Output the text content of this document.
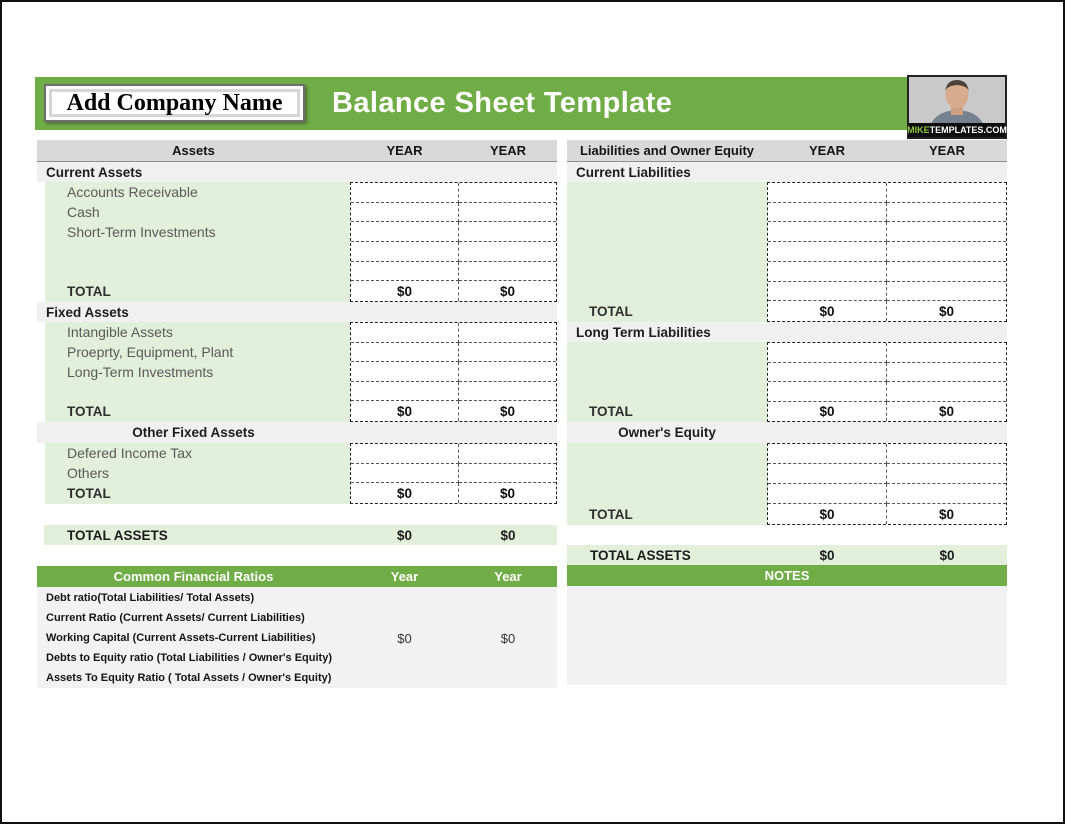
Add Company Name	Balance Sheet Template
MIKE TEMPLATES.COM
Assets	YEAR	YEAR
Current Assets
Accounts Receivable
Cash
Short-Term Investments
TOTAL	$0	$0
Fixed Assets
Intangible Assets
Proeprty, Equipment, Plant
Long-Term Investments
TOTAL	$0	$0
Other Fixed Assets
Defered Income Tax
Others
TOTAL	$0	$0
TOTAL ASSETS	$0	$0
Common Financial Ratios	Year	Year
Debt ratio(Total Liabilities/ Total Assets)
Current Ratio (Current Assets/ Current Liabilities)
Working Capital (Current Assets-Current Liabilities)	$0	$0
Debts to Equity ratio (Total Liabilities / Owner's Equity)
Assets To Equity Ratio ( Total Assets / Owner's Equity)
Liabilities and Owner Equity	YEAR	YEAR
Current Liabilities
TOTAL	$0	$0
Long Term Liabilities
TOTAL	$0	$0
Owner's Equity
TOTAL	$0	$0
TOTAL ASSETS	$0	$0
NOTES
